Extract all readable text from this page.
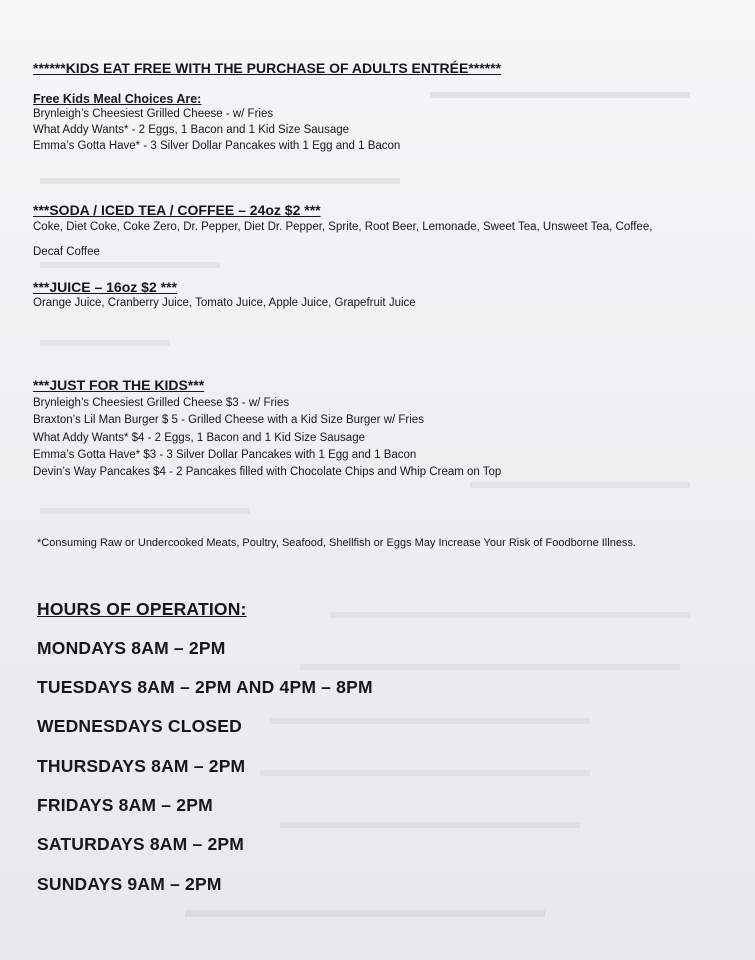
******KIDS EAT FREE WITH THE PURCHASE OF ADULTS ENTRÉE******
Free Kids Meal Choices Are:
Brynleigh’s Cheesiest Grilled Cheese - w/ Fries
What Addy Wants* - 2 Eggs, 1 Bacon and 1 Kid Size Sausage
Emma’s Gotta Have* - 3 Silver Dollar Pancakes with 1 Egg and 1 Bacon
***SODA / ICED TEA / COFFEE – 24oz $2 ***
Coke, Diet Coke, Coke Zero, Dr. Pepper, Diet Dr. Pepper, Sprite, Root Beer, Lemonade, Sweet Tea, Unsweet Tea, Coffee,
Decaf Coffee
***JUICE – 16oz $2 ***
Orange Juice, Cranberry Juice, Tomato Juice, Apple Juice, Grapefruit Juice
***JUST FOR THE KIDS***
Brynleigh’s Cheesiest Grilled Cheese $3 - w/ Fries
Braxton’s Lil Man Burger $ 5 - Grilled Cheese with a Kid Size Burger w/ Fries
What Addy Wants* $4 - 2 Eggs, 1 Bacon and 1 Kid Size Sausage
Emma’s Gotta Have* $3 - 3 Silver Dollar Pancakes with 1 Egg and 1 Bacon
Devin’s Way Pancakes $4 - 2 Pancakes filled with Chocolate Chips and Whip Cream on Top
*Consuming Raw or Undercooked Meats, Poultry, Seafood, Shellfish or Eggs May Increase Your Risk of Foodborne Illness.
HOURS OF OPERATION:
MONDAYS 8AM – 2PM
TUESDAYS 8AM – 2PM AND 4PM – 8PM
WEDNESDAYS CLOSED
THURSDAYS 8AM – 2PM
FRIDAYS 8AM – 2PM
SATURDAYS 8AM – 2PM
SUNDAYS 9AM – 2PM
